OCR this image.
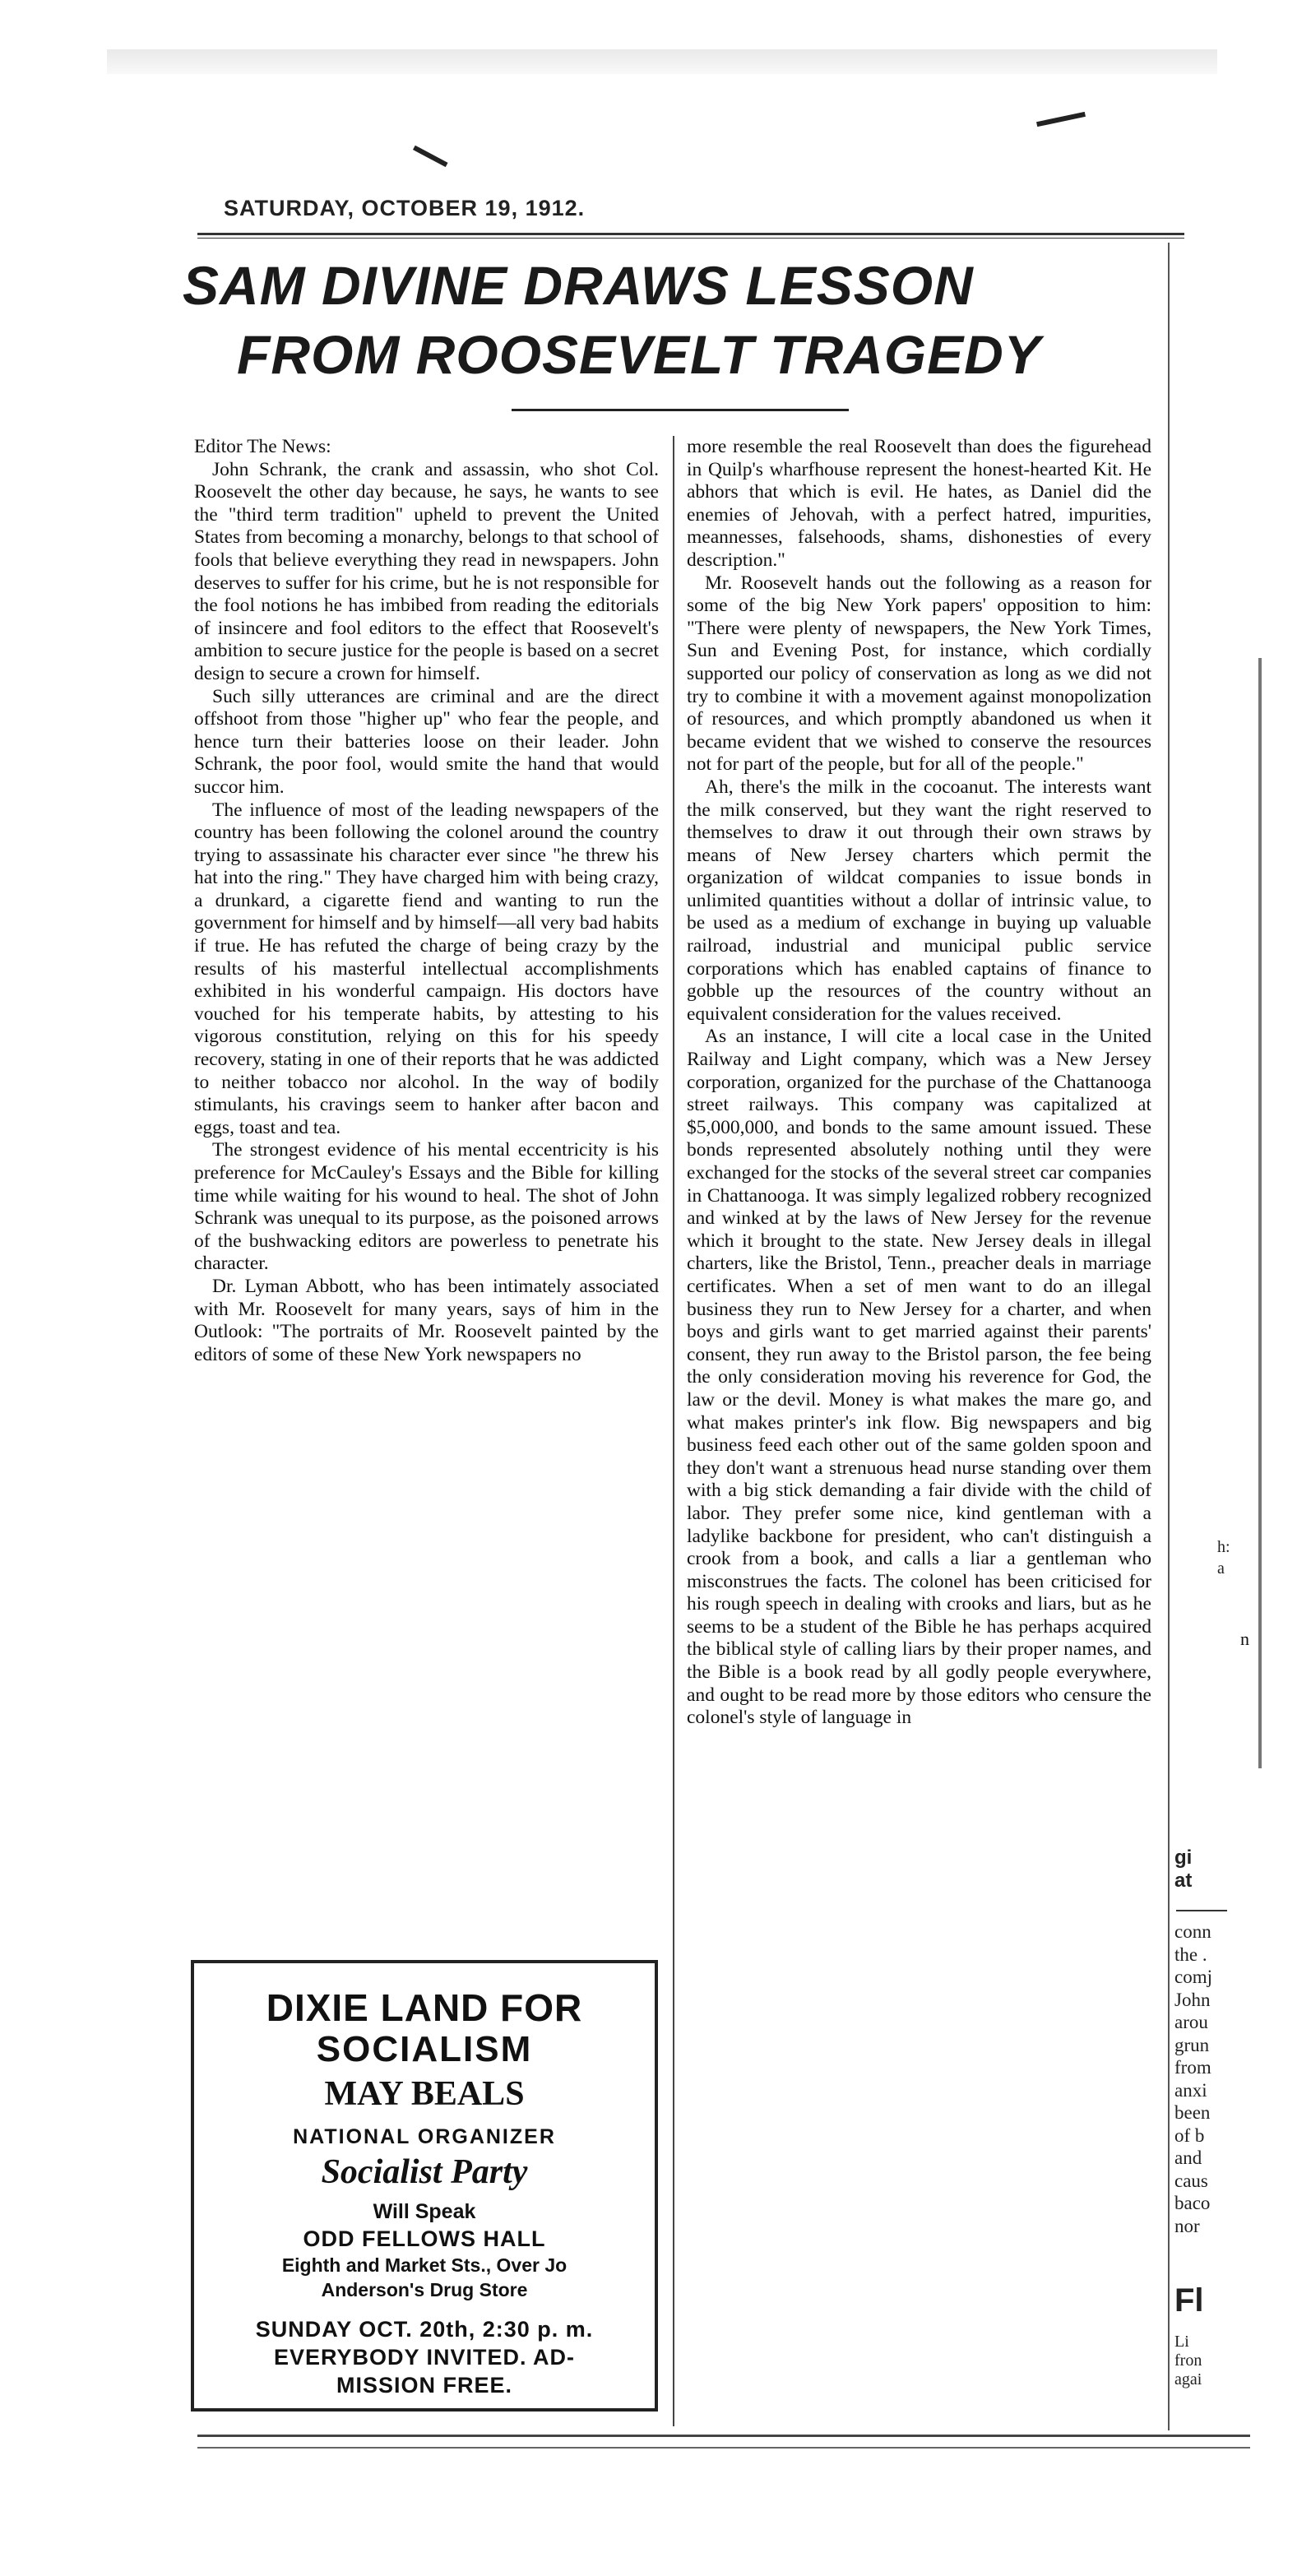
SATURDAY, OCTOBER 19, 1912.
SAM DIVINE DRAWS LESSON
FROM ROOSEVELT TRAGEDY

Editor The News:

John Schrank, the crank and assassin, who shot Col. Roosevelt the other day because, he says, he wants to see the "third term tradition" upheld to prevent the United States from becoming a monarchy, belongs to that school of fools that believe everything they read in newspapers. John deserves to suffer for his crime, but he is not responsible for the fool notions he has imbibed from reading the editorials of insincere and fool editors to the effect that Roosevelt's ambition to secure justice for the people is based on a secret design to secure a crown for himself.

Such silly utterances are criminal and are the direct offshoot from those "higher up" who fear the people, and hence turn their batteries loose on their leader. John Schrank, the poor fool, would smite the hand that would succor him.

The influence of most of the leading newspapers of the country has been following the colonel around the country trying to assassinate his character ever since "he threw his hat into the ring." They have charged him with being crazy, a drunkard, a cigarette fiend and wanting to run the government for himself and by himself—all very bad habits if true. He has refuted the charge of being crazy by the results of his masterful intellectual accomplishments exhibited in his wonderful campaign. His doctors have vouched for his temperate habits, by attesting to his vigorous constitution, relying on this for his speedy recovery, stating in one of their reports that he was addicted to neither tobacco nor alcohol. In the way of bodily stimulants, his cravings seem to hanker after bacon and eggs, toast and tea.

The strongest evidence of his mental eccentricity is his preference for McCauley's Essays and the Bible for killing time while waiting for his wound to heal. The shot of John Schrank was unequal to its purpose, as the poisoned arrows of the bushwacking editors are powerless to penetrate his character.

Dr. Lyman Abbott, who has been intimately associated with Mr. Roosevelt for many years, says of him in the Outlook: "The portraits of Mr. Roosevelt painted by the editors of some of these New York newspapers no

more resemble the real Roosevelt than does the figurehead in Quilp's wharfhouse represent the honest-hearted Kit. He abhors that which is evil. He hates, as Daniel did the enemies of Jehovah, with a perfect hatred, impurities, meannesses, falsehoods, shams, dishonesties of every description."

Mr. Roosevelt hands out the following as a reason for some of the big New York papers' opposition to him: "There were plenty of newspapers, the New York Times, Sun and Evening Post, for instance, which cordially supported our policy of conservation as long as we did not try to combine it with a movement against monopolization of resources, and which promptly abandoned us when it became evident that we wished to conserve the resources not for part of the people, but for all of the people."

Ah, there's the milk in the cocoanut. The interests want the milk conserved, but they want the right reserved to themselves to draw it out through their own straws by means of New Jersey charters which permit the organization of wildcat companies to issue bonds in unlimited quantities without a dollar of intrinsic value, to be used as a medium of exchange in buying up valuable railroad, industrial and municipal public service corporations which has enabled captains of finance to gobble up the resources of the country without an equivalent consideration for the values received.

As an instance, I will cite a local case in the United Railway and Light company, which was a New Jersey corporation, organized for the purchase of the Chattanooga street railways. This company was capitalized at $5,000,000, and bonds to the same amount issued. These bonds represented absolutely nothing until they were exchanged for the stocks of the several street car companies in Chattanooga. It was simply legalized robbery recognized and winked at by the laws of New Jersey for the revenue which it brought to the state. New Jersey deals in illegal charters, like the Bristol, Tenn., preacher deals in marriage certificates. When a set of men want to do an illegal business they run to New Jersey for a charter, and when boys and girls want to get married against their parents' consent, they run away to the Bristol parson, the fee being the only consideration moving his reverence for God, the law or the devil. Money is what makes the mare go, and what makes printer's ink flow. Big newspapers and big business feed each other out of the same golden spoon and they don't want a strenuous head nurse standing over them with a big stick demanding a fair divide with the child of labor. They prefer some nice, kind gentleman with a ladylike backbone for president, who can't distinguish a crook from a book, and calls a liar a gentleman who misconstrues the facts. The colonel has been criticised for his rough speech in dealing with crooks and liars, but as he seems to be a student of the Bible he has perhaps acquired the biblical style of calling liars by their proper names, and the Bible is a book read by all godly people everywhere, and ought to be read more by those editors who censure the colonel's style of language in

DIXIE LAND FOR
SOCIALISM
MAY BEALS
NATIONAL ORGANIZER
Socialist Party
Will Speak
ODD FELLOWS HALL
Eighth and Market Sts., Over Jo
Anderson's Drug Store
SUNDAY OCT. 20th, 2:30 p. m.
EVERYBODY INVITED. AD-
MISSION FREE.
h:
a
n
gi
at
conn
the .
comj
John
arou
grun
from
anxi
been
of b
and
caus
baco
nor
Fl
Li
fron
agai
